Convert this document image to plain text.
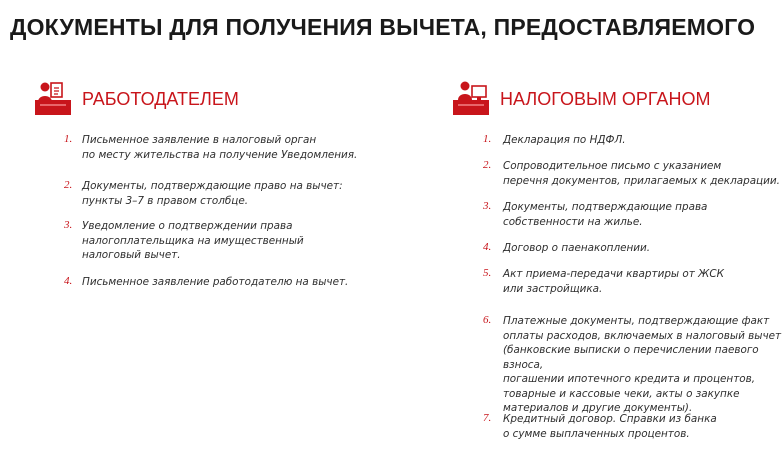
ДОКУМЕНТЫ ДЛЯ ПОЛУЧЕНИЯ ВЫЧЕТА, ПРЕДОСТАВЛЯЕМОГО
РАБОТОДАТЕЛЕМ
1. Письменное заявление в налоговый орган
по месту жительства на получение Уведомления.
2. Документы, подтверждающие право на вычет:
пункты 3–7 в правом столбце.
3. Уведомление о подтверждении права
налогоплательщика на имущественный
налоговый вычет.
4. Письменное заявление работодателю на вычет.
НАЛОГОВЫМ ОРГАНОМ
1. Декларация по НДФЛ.
2. Сопроводительное письмо с указанием
перечня документов, прилагаемых к декларации.
3. Документы, подтверждающие права
собственности на жилье.
4. Договор о паенакоплении.
5. Акт приема-передачи квартиры от ЖСК
или застройщика.
6. Платежные документы, подтверждающие факт
оплаты расходов, включаемых в налоговый вычет
(банковские выписки о перечислении паевого взноса,
погашении ипотечного кредита и процентов,
товарные и кассовые чеки, акты о закупке
материалов и другие документы).
7. Кредитный договор. Справки из банка
о сумме выплаченных процентов.
